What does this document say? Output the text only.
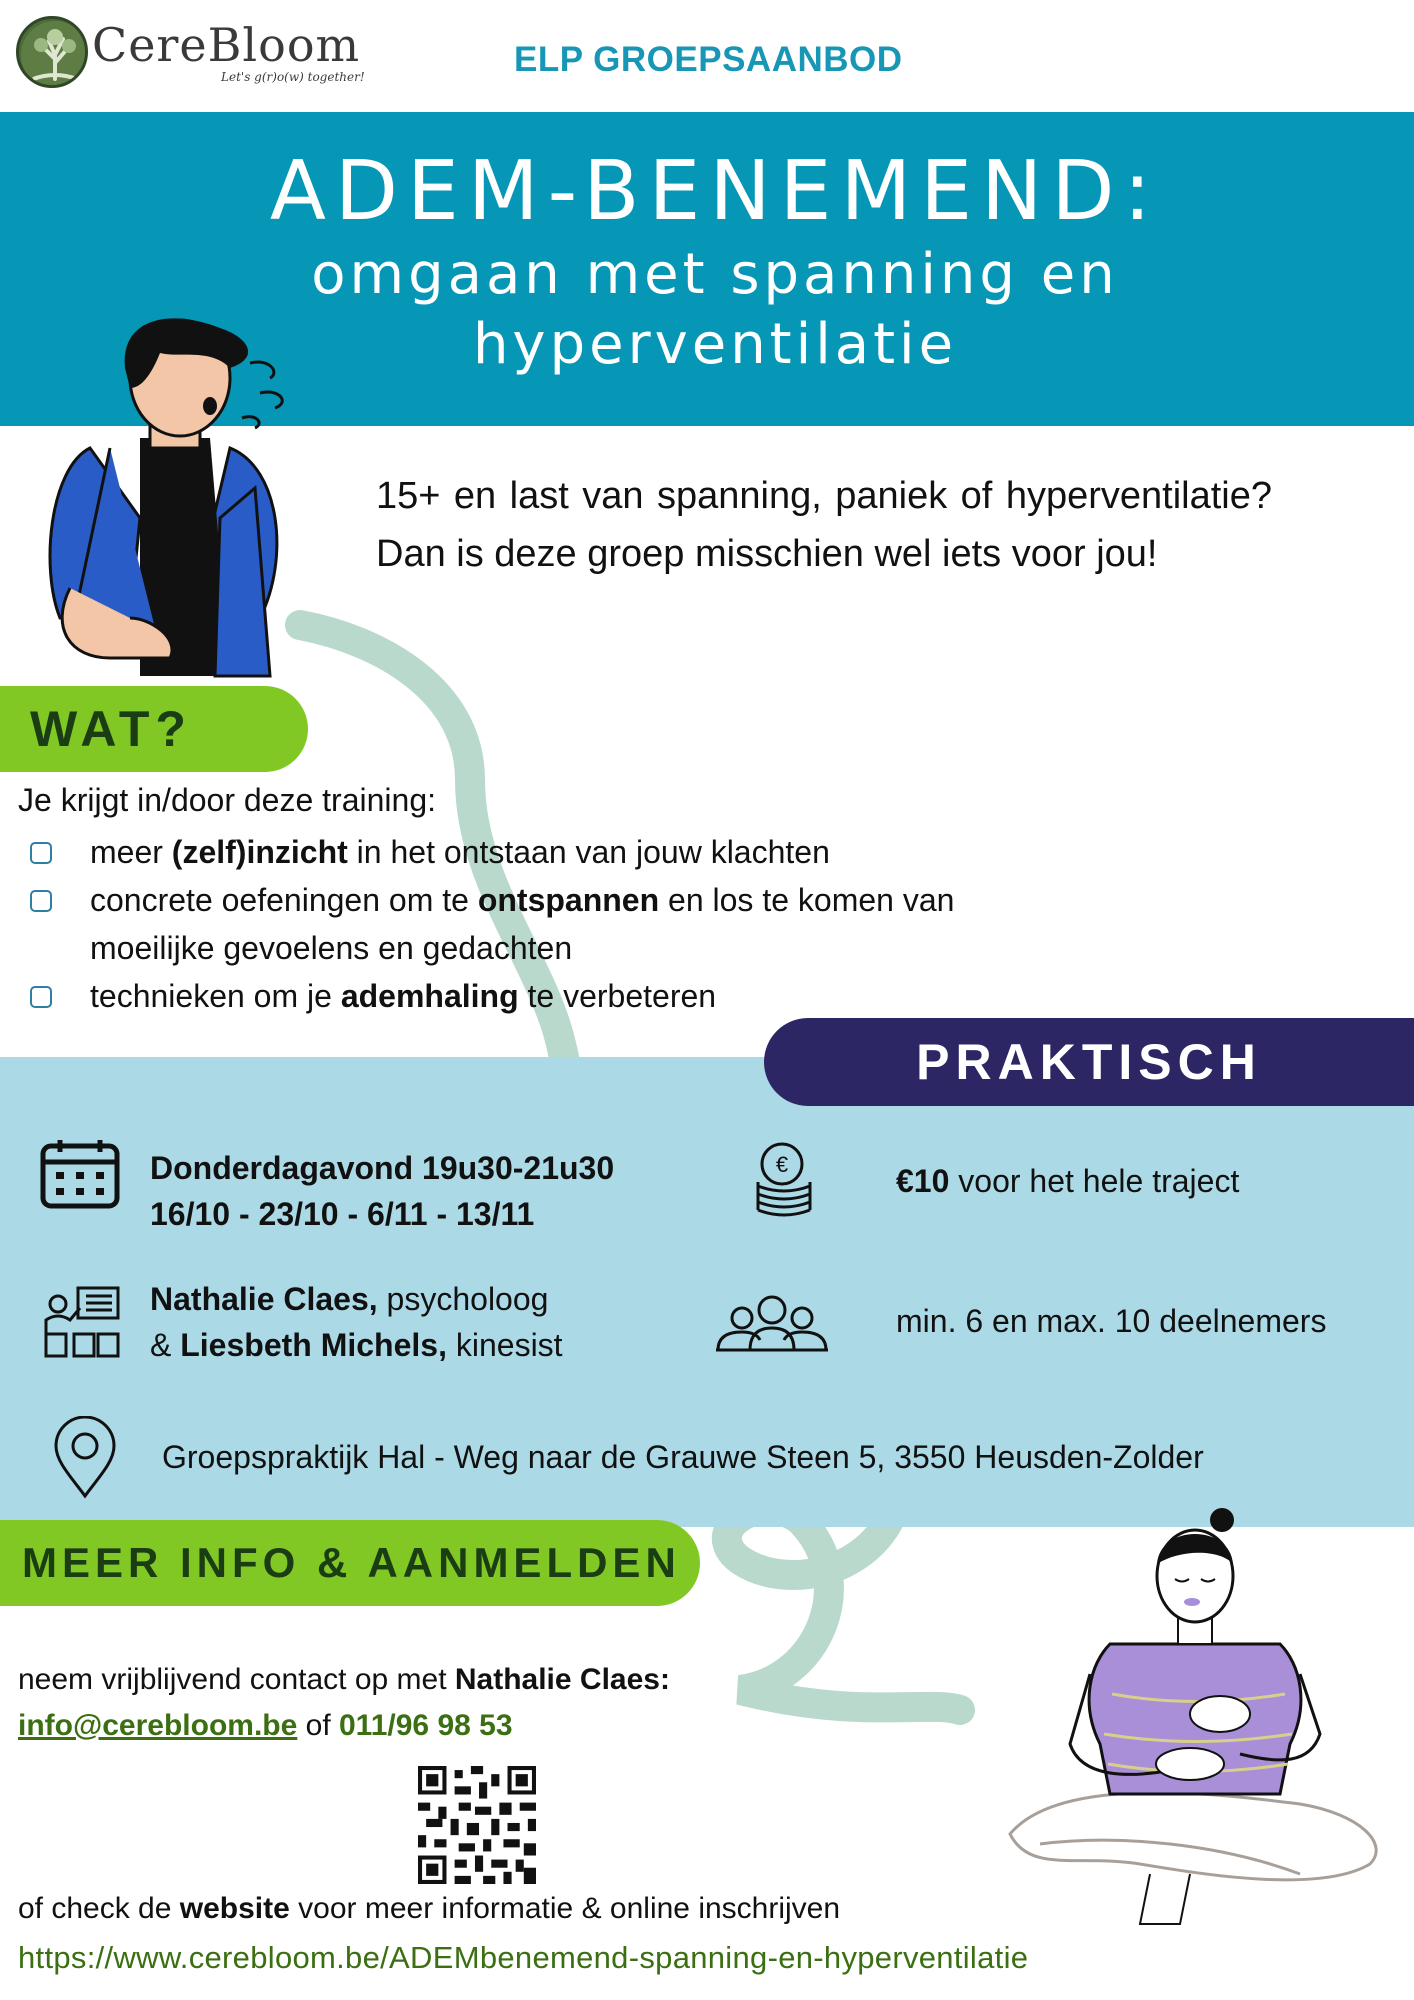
CereBloom
Let's g(r)o(w) together!	ELP GROEPSAANBOD
ADEM-BENEMEND:
omgaan met spanning en
hyperventilatie
15+ en last van spanning, paniek of hyperventilatie? Dan is deze groep misschien wel iets voor jou!
WAT?
Je krijgt in/door deze training:
meer (zelf)inzicht in het ontstaan van jouw klachten
concrete oefeningen om te ontspannen en los te komen van moeilijke gevoelens en gedachten
technieken om je ademhaling te verbeteren
PRAKTISCH
Donderdagavond 19u30-21u30
16/10 - 23/10 - 6/11 - 13/11
€	€10 voor het hele traject
Nathalie Claes, psycholoog
& Liesbeth Michels, kinesist
min. 6 en max. 10 deelnemers
Groepspraktijk Hal - Weg naar de Grauwe Steen 5, 3550 Heusden-Zolder
MEER INFO & AANMELDEN
neem vrijblijvend contact op met Nathalie Claes:
info@cerebloom.be of 011/96 98 53
of check de website voor meer informatie & online inschrijven
https://www.cerebloom.be/ADEMbenemend-spanning-en-hyperventilatie
